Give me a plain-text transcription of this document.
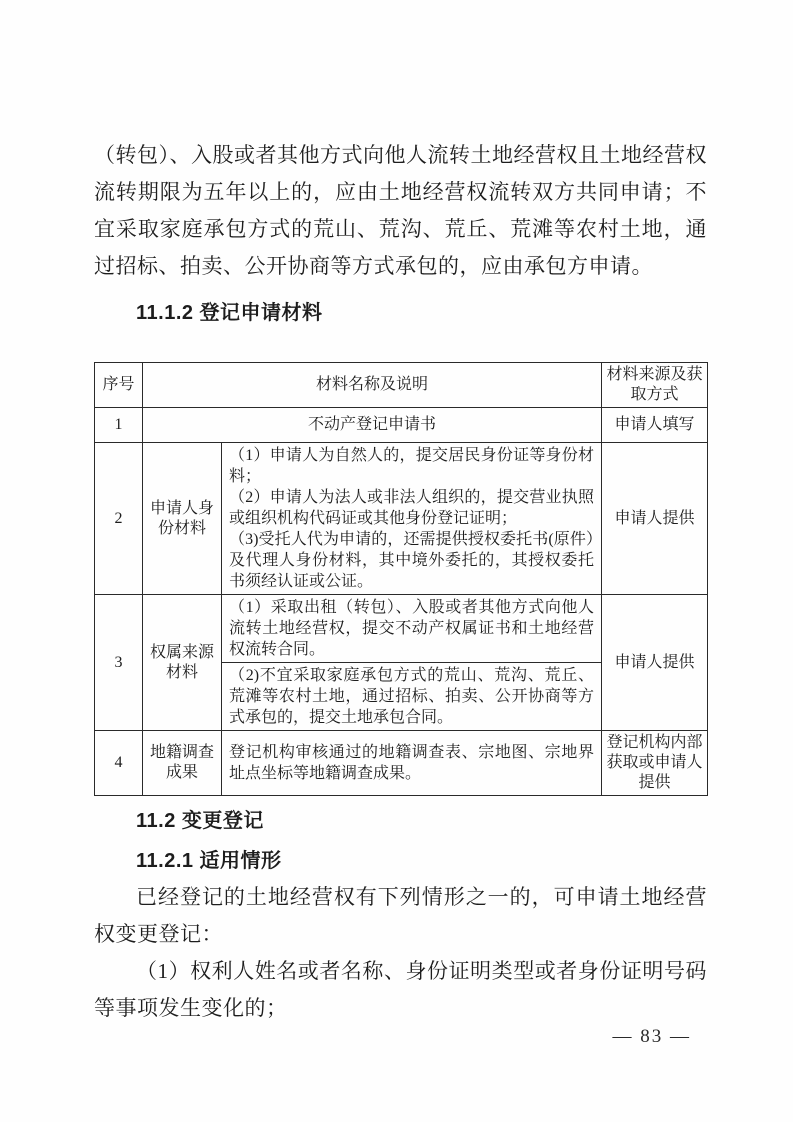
（转包）、入股或者其他方式向他人流转土地经营权且土地经营权流转期限为五年以上的，应由土地经营权流转双方共同申请；不宜采取家庭承包方式的荒山、荒沟、荒丘、荒滩等农村土地，通过招标、拍卖、公开协商等方式承包的，应由承包方申请。

11.1.2 登记申请材料
序号	材料名称及说明		材料来源及获取方式
1	不动产登记申请书		申请人填写
2	申请人身份材料	（1）申请人为自然人的，提交居民身份证等身份材料；
（2）申请人为法人或非法人组织的，提交营业执照或组织机构代码证或其他身份登记证明；
（3)受托人代为申请的，还需提供授权委托书(原件）及代理人身份材料，其中境外委托的，其授权委托书须经认证或公证。	申请人提供
3	权属来源材料	（1）采取出租（转包）、入股或者其他方式向他人流转土地经营权，提交不动产权属证书和土地经营权流转合同。	申请人提供
		（2)不宜采取家庭承包方式的荒山、荒沟、荒丘、荒滩等农村土地，通过招标、拍卖、公开协商等方式承包的，提交土地承包合同。	
4	地籍调查成果	登记机构审核通过的地籍调查表、宗地图、宗地界址点坐标等地籍调查成果。	登记机构内部获取或申请人提供
11.2 变更登记
11.2.1 适用情形

已经登记的土地经营权有下列情形之一的，可申请土地经营权变更登记：

（1）权利人姓名或者名称、身份证明类型或者身份证明号码等事项发生变化的；

— 83 —
